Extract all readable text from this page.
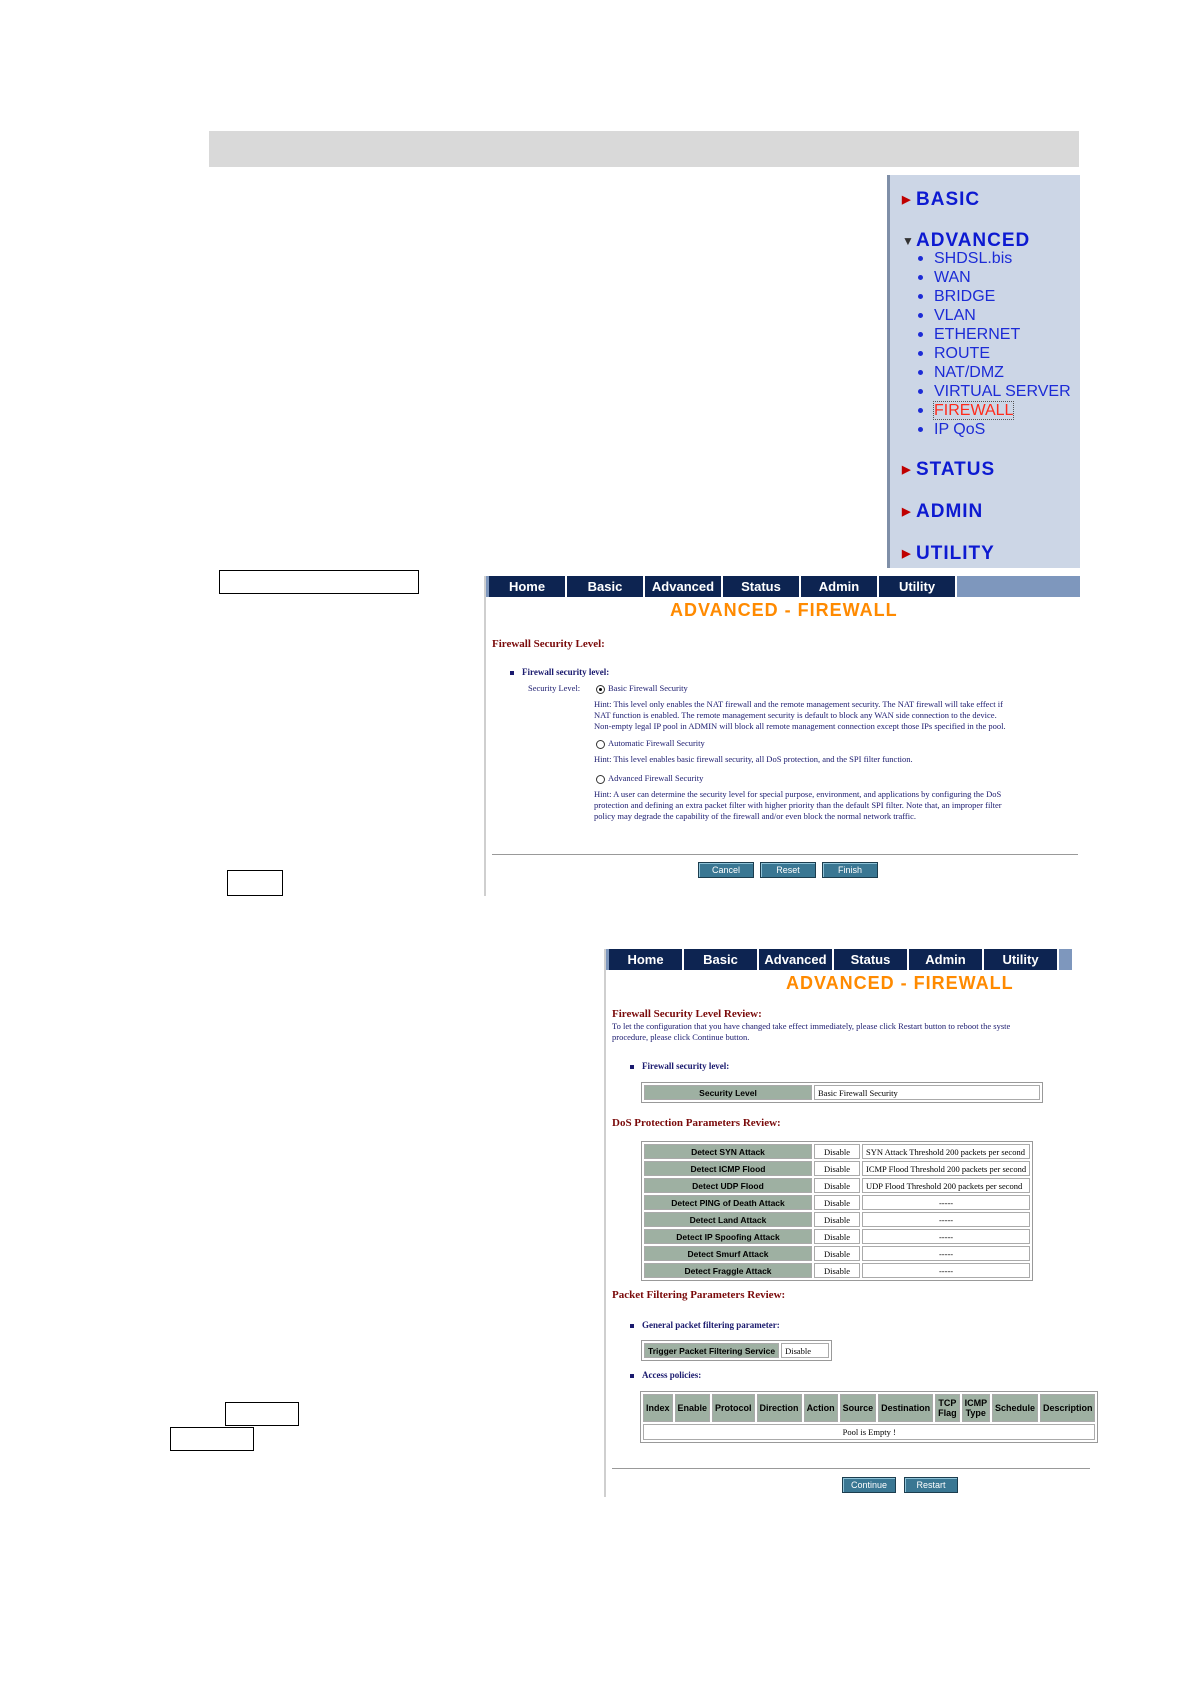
▶ BASIC
▼ADVANCED
SHDSL.bis
WAN
BRIDGE
VLAN
ETHERNET
ROUTE
NAT/DMZ
VIRTUAL SERVER
FIREWALL
IP QoS
▶ STATUS
▶ ADMIN
▶ UTILITY
Home	Basic	Advanced	Status	Admin	Utility
ADVANCED - FIREWALL
Firewall Security Level:
Firewall security level:
Security Level:	Basic Firewall Security
Hint: This level only enables the NAT firewall and the remote management security. The NAT firewall will take effect if
NAT function is enabled. The remote management security is default to block any WAN side connection to the device.
Non-empty legal IP pool in ADMIN will block all remote management connection except those IPs specified in the pool.
Automatic Firewall Security
Hint: This level enables basic firewall security, all DoS protection, and the SPI filter function.
Advanced Firewall Security
Hint: A user can determine the security level for special purpose, environment, and applications by configuring the DoS
protection and defining an extra packet filter with higher priority than the default SPI filter. Note that, an improper filter
policy may degrade the capability of the firewall and/or even block the normal network traffic.
Cancel	Reset	Finish
Home	Basic	Advanced	Status	Admin	Utility
ADVANCED - FIREWALL
Firewall Security Level Review:
To let the configuration that you have changed take effect immediately, please click Restart button to reboot the syste
procedure, please click Continue button.
Firewall security level:
Security Level	Basic Firewall Security
DoS Protection Parameters Review:
Detect SYN Attack	Disable	SYN Attack Threshold 200 packets per second
Detect ICMP Flood	Disable	ICMP Flood Threshold 200 packets per second
Detect UDP Flood	Disable	UDP Flood Threshold 200 packets per second
Detect PING of Death Attack	Disable	-----
Detect Land Attack	Disable	-----
Detect IP Spoofing Attack	Disable	-----
Detect Smurf Attack	Disable	-----
Detect Fraggle Attack	Disable	-----
Packet Filtering Parameters Review:
General packet filtering parameter:
Trigger Packet Filtering Service	Disable
Access policies:
Index	Enable	Protocol	Direction	Action	Source	Destination	TCP Flag	ICMP Type	Schedule	Description
Pool is Empty !
Continue	Restart
